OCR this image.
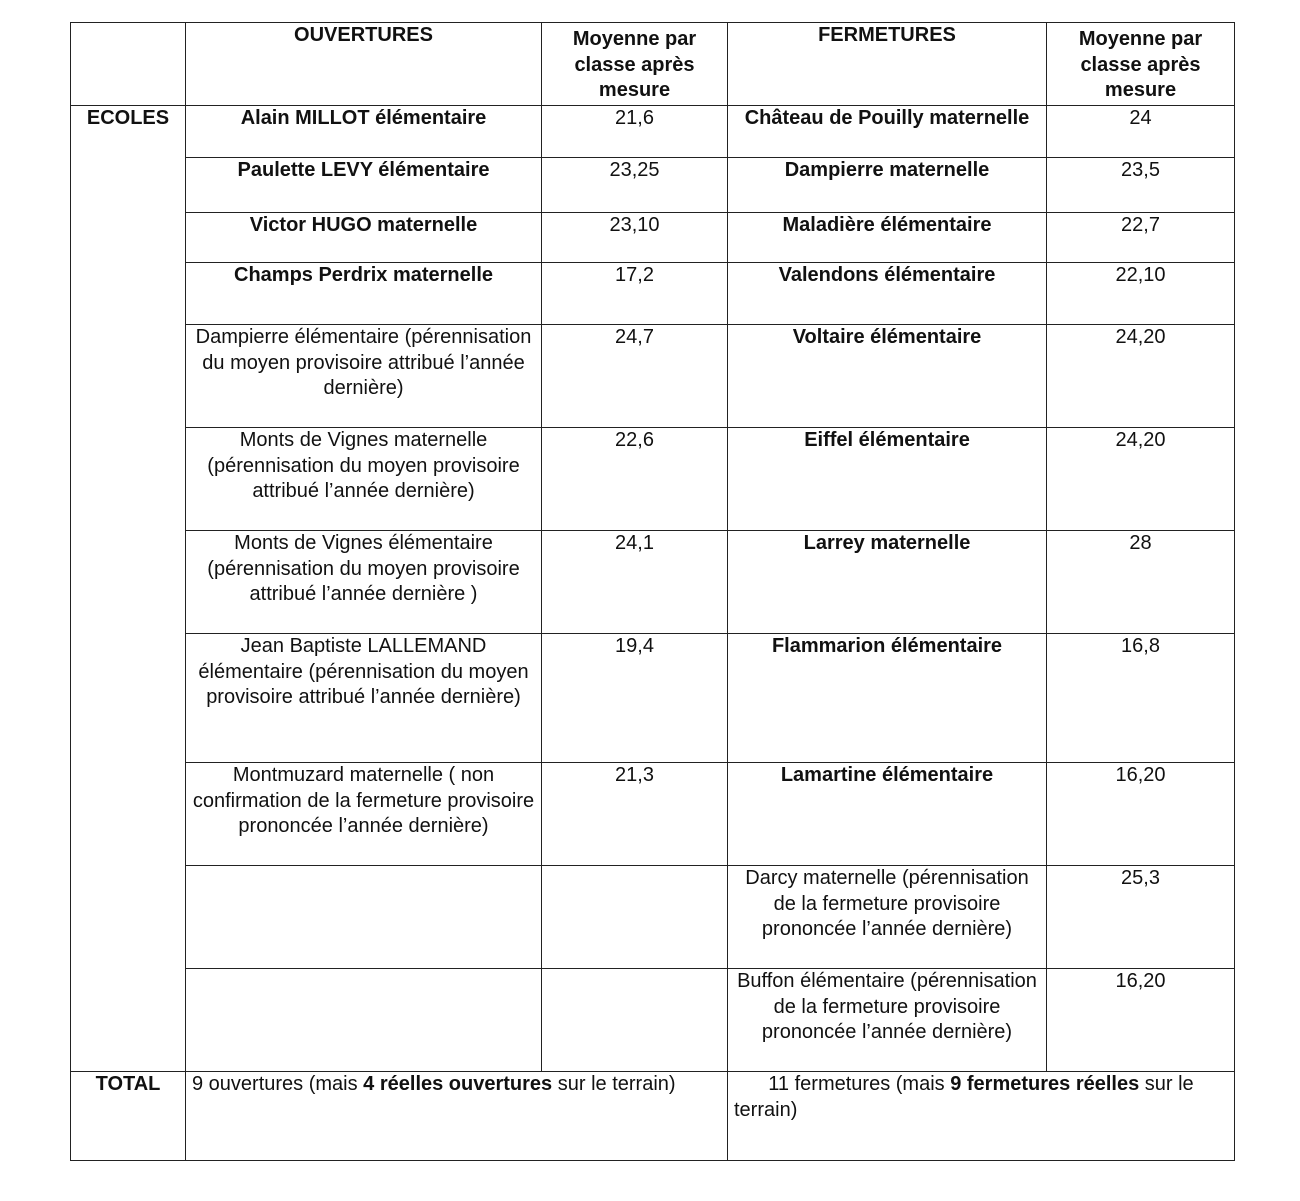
	OUVERTURES	Moyenne par classe après mesure	FERMETURES	Moyenne par classe après mesure
ECOLES	Alain MILLOT élémentaire	21,6	Château de Pouilly maternelle	24
	Paulette LEVY élémentaire	23,25	Dampierre maternelle	23,5
	Victor HUGO maternelle	23,10	Maladière élémentaire	22,7
	Champs Perdrix maternelle	17,2	Valendons élémentaire	22,10
	Dampierre élémentaire (pérennisation du moyen provisoire attribué l’année dernière)	24,7	Voltaire élémentaire	24,20
	Monts de Vignes maternelle (pérennisation du moyen provisoire attribué l’année dernière)	22,6	Eiffel élémentaire	24,20
	Monts de Vignes élémentaire (pérennisation du moyen provisoire attribué l’année dernière )	24,1	Larrey maternelle	28
	Jean Baptiste LALLEMAND élémentaire (pérennisation du moyen provisoire attribué l’année dernière)	19,4	Flammarion élémentaire	16,8
	Montmuzard maternelle ( non confirmation de la fermeture provisoire prononcée l’année dernière)	21,3	Lamartine élémentaire	16,20
			Darcy maternelle (pérennisation de la fermeture provisoire prononcée l’année dernière)	25,3
			Buffon élémentaire (pérennisation de la fermeture provisoire prononcée l’année dernière)	16,20
TOTAL	9 ouvertures (mais 4 réelles ouvertures sur le terrain)		11 fermetures (mais 9 fermetures réelles sur le terrain)	
